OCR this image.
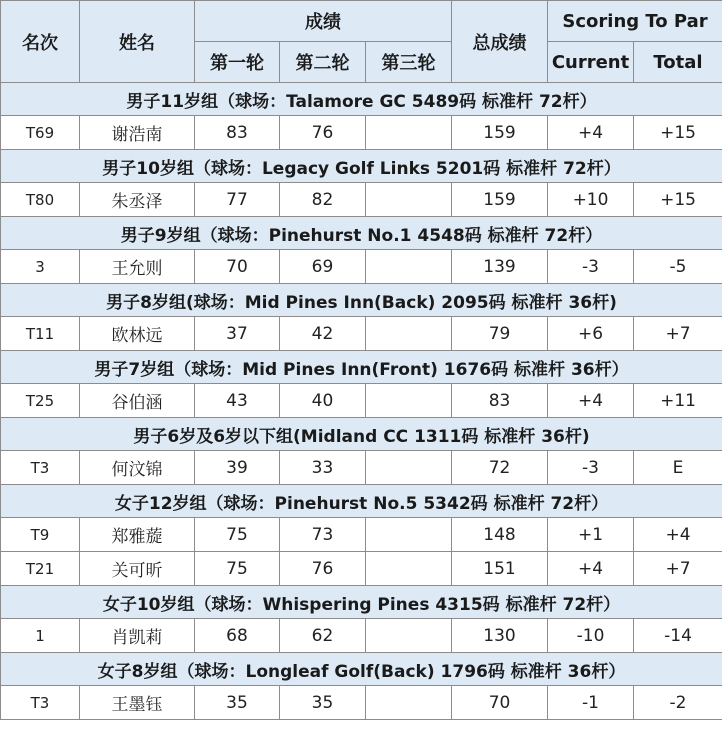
名次	姓名	成绩			总成绩	Scoring To Par	
		第一轮	第二轮	第三轮		Current	Total
男子11岁组（球场：Talamore GC 5489码 标准杆 72杆）							
T69	谢浩南	83	76		159	+4	+15
男子10岁组（球场：Legacy Golf Links 5201码 标准杆 72杆）							
T80	朱丞泽	77	82		159	+10	+15
男子9岁组（球场：Pinehurst No.1 4548码 标准杆 72杆）							
3	王允则	70	69		139	-3	-5
男子8岁组(球场：Mid Pines Inn(Back) 2095码 标准杆 36杆)							
T11	欧林远	37	42		79	+6	+7
男子7岁组（球场：Mid Pines Inn(Front) 1676码 标准杆 36杆）							
T25	谷伯涵	43	40		83	+4	+11
男子6岁及6岁以下组(Midland CC 1311码 标准杆 36杆)							
T3	何汶锦	39	33		72	-3	E
女子12岁组（球场：Pinehurst No.5 5342码 标准杆 72杆）							
T9	郑雅蔙	75	73		148	+1	+4
T21	关可昕	75	76		151	+4	+7
女子10岁组（球场：Whispering Pines 4315码 标准杆 72杆）							
1	肖凯莉	68	62		130	-10	-14
女子8岁组（球场：Longleaf Golf(Back) 1796码 标准杆 36杆）							
T3	王墨钰	35	35		70	-1	-2
